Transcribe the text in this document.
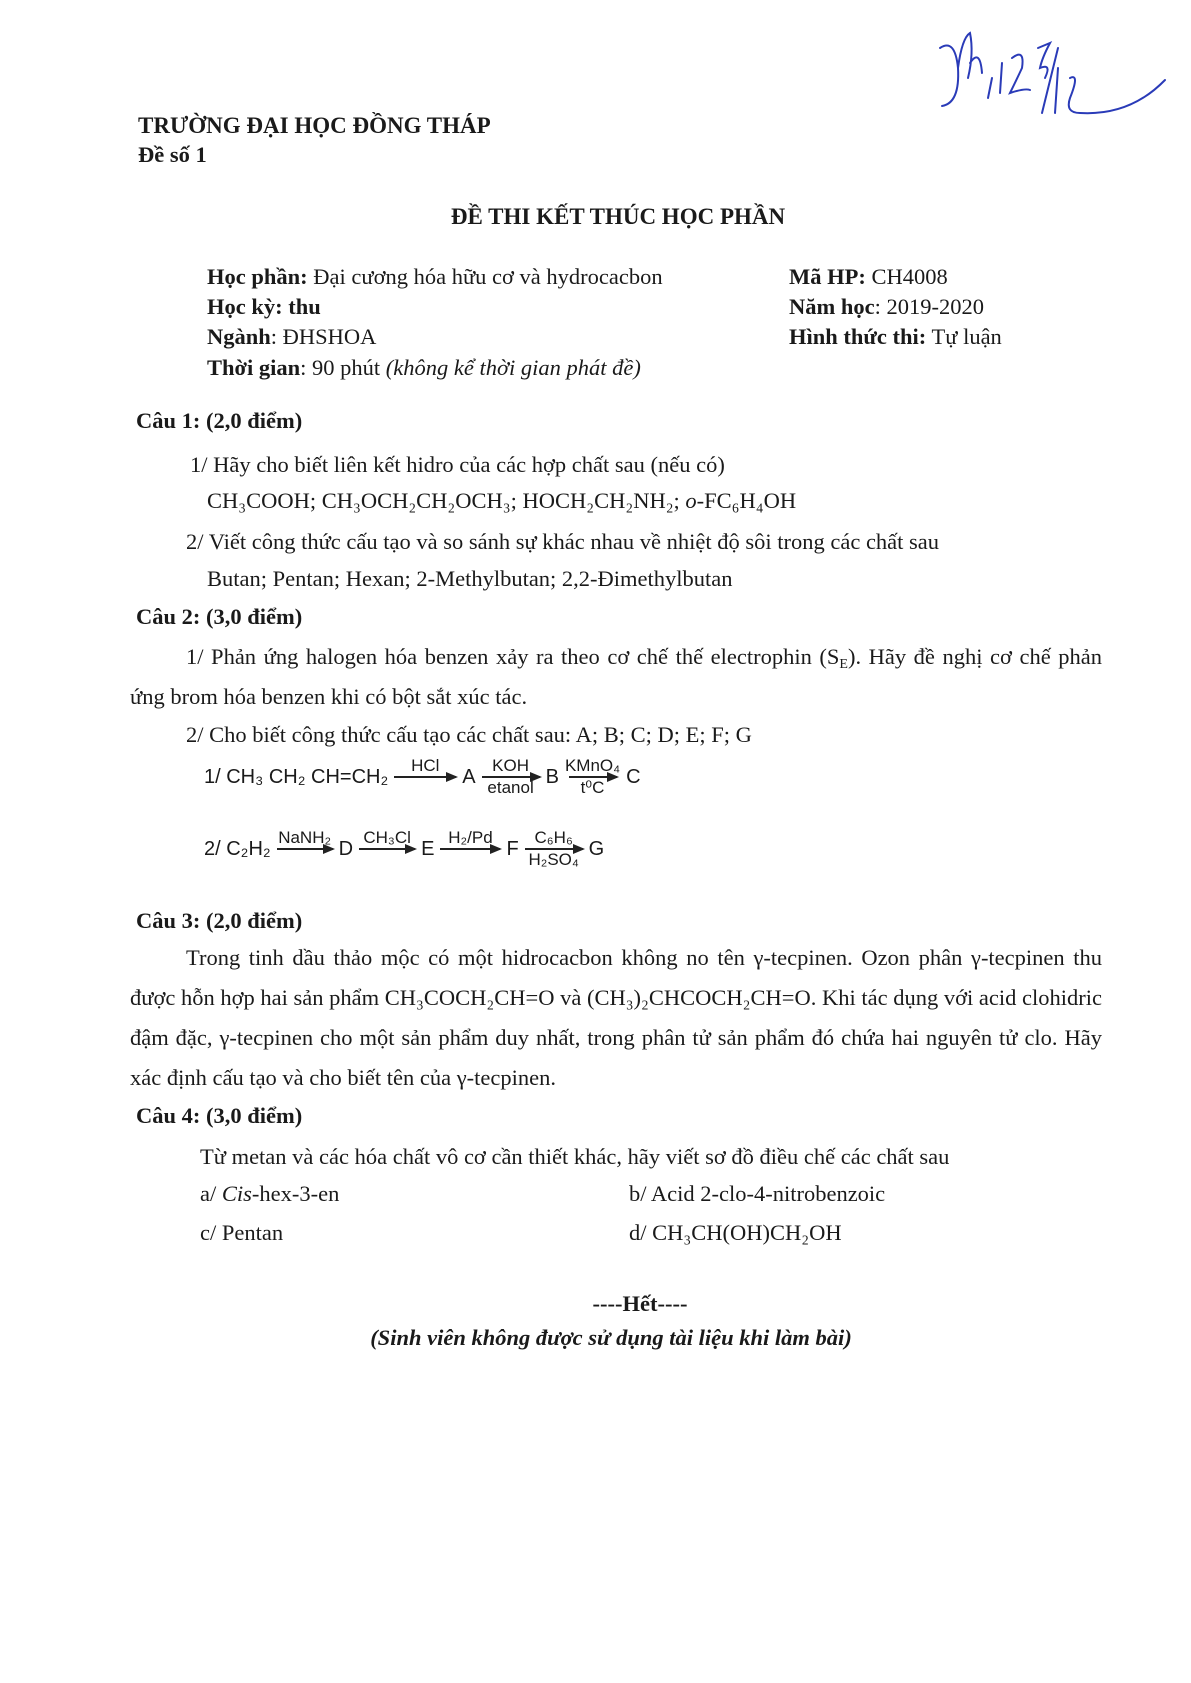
TRƯỜNG ĐẠI HỌC ĐỒNG THÁP
Đề số 1
ĐỀ THI KẾT THÚC HỌC PHẦN
Học phần: Đại cương hóa hữu cơ và hydrocacbon
Học kỳ: thu
Ngành: ĐHSHOA
Thời gian: 90 phút (không kể thời gian phát đề)
Mã HP: CH4008
Năm học: 2019-2020
Hình thức thi: Tự luận
Câu 1: (2,0 điểm)
1/ Hãy cho biết liên kết hidro của các hợp chất sau (nếu có)
CH₃COOH; CH₃OCH₂CH₂OCH₃; HOCH₂CH₂NH₂; o-FC₆H₄OH
2/ Viết công thức cấu tạo và so sánh sự khác nhau về nhiệt độ sôi trong các chất sau
Butan; Pentan; Hexan; 2-Methylbutan; 2,2-Đimethylbutan
Câu 2: (3,0 điểm)
1/ Phản ứng halogen hóa benzen xảy ra theo cơ chế thế electrophin $(S_E)$. Hãy đề nghị cơ chế phản ứng brom hóa benzen khi có bột sắt xúc tác.
2/ Cho biết công thức cấu tạo các chất sau: A; B; C; D; E; F; G
1/ CH₃ CH₂ CH=CH₂ HCl A KOH
etanol B KMnO₄
t⁰C C
2/ C₂H₂ NaNH₂ D CH₃Cl E H₂/Pd F C₆H₆
H₂SO₄ G
Câu 3: (2,0 điểm)
Trong tinh dầu thảo mộc có một hidrocacbon không no tên γ-tecpinen. Ozon phân γ-tecpinen thu được hỗn hợp hai sản phẩm CH₃COCH₂CH=O và (CH₃)₂CHCOCH₂CH=O. Khi tác dụng với acid clohidric đậm đặc, γ-tecpinen cho một sản phẩm duy nhất, trong phân tử sản phẩm đó chứa hai nguyên tử clo. Hãy xác định cấu tạo và cho biết tên của γ-tecpinen.
Câu 4: (3,0 điểm)
Từ metan và các hóa chất vô cơ cần thiết khác, hãy viết sơ đồ điều chế các chất sau
a/ Cis-hex-3-en	b/ Acid 2-clo-4-nitrobenzoic
c/ Pentan	d/ CH₃CH(OH)CH₂OH
----Hết----
(Sinh viên không được sử dụng tài liệu khi làm bài)
